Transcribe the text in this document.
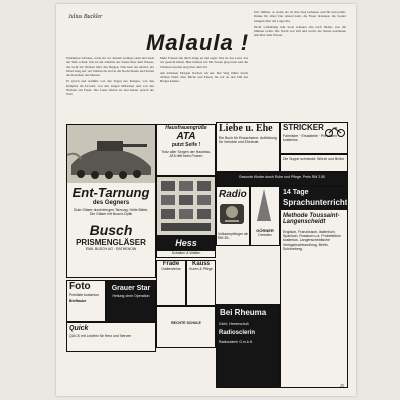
Julius Buckler
Malaula !

Wunderbar schönes, wenn ihr vor diesem Gebirge steht und nach der Tiefe schaut. Das ist der Anblick der Sonne über dem Wasser, das Licht der Wolken über den Bergen. Nun kam der Abend, der Mond stieg auf, wir blieben bis tief in die Nacht hinein und hörten das Rauschen des Meeres.

Er sprach und erzählte von den Tagen des Krieges, von den Kämpfen im Urwald, von den langen Märschen und von den Nächten am Feuer. Die Leute hörten zu und keiner sprach ein Wort.

Mein Freund sah mich lange an und sagte: Das ist das Land, das wir gesucht haben. Hier bleiben wir. Die Sonne ging unter und die Schatten wurden lang über dem Tal.

Am nächsten Morgen brachen wir auf. Der Weg führte durch dichten Wald, über Bäche und Felsen, bis wir an den Fuß des Berges kamen.

lich, fühlten, so stolze als ob ihre Sieg bedeutet, und für und prahlt. Danke für alles! Der Abend kam, die Feuer brannten, die Lieder klangen über das Lager hin.

Nicht vollständig sehr hoch schauen alle nach Süden, was die Männer reden. Die Nacht war still und warm, die Sterne leuchteten hell über dem Wasser.

Ent-Tarnung
des Gegners
Gute Gläser durchdringen Tarnung. Helle Bilder, Die Gläser mit Busch-Optik
Busch
PRISMENGLÄSER
EMIL BUSCH AG · RATHENOW
Hausfrauengrüße
ATA
putzt Seife !
Trotz aller Sorgen der Hausfrau, ATA hilft beim Putzen
Liebe u. Ehe
Ein Buch für Erwachsene. Aufklärung für Verlobte und Eheleute.
STRICKER
Fahrräder · Ersatzteile · Preislisten kostenlos
Die Suppe schmeckt: Würze und Brühe
Gesunde Kinder durch Ruhe und Pflege. Preis RM 2.50
Hess
Schalten & Walten
Radio
Volksempfänger ab RM 35.-
GÖRNER
Dresden
14 Tage
Sprachunterricht
Methode Toussaint-Langenscheidt
Englisch, Französisch, Italienisch, Spanisch, Russisch u.a. Probelektion kostenlos. Langenscheidtsche Verlagsbuchhandlung, Berlin-Schöneberg.
Foto
Preisliste kostenlos
Brieftaube
Grauer Star
Heilung ohne Operation
Bei Rheuma
Gicht, Hexenschuß
Radiosclerin
Radiosclerin G.m.b.H.
Frade
Gallensteine
Kauss
Kuren & Pflege
RECHTE SCHULE
Quick
QUICK mit Lecithin für Herz und Nerven
25
